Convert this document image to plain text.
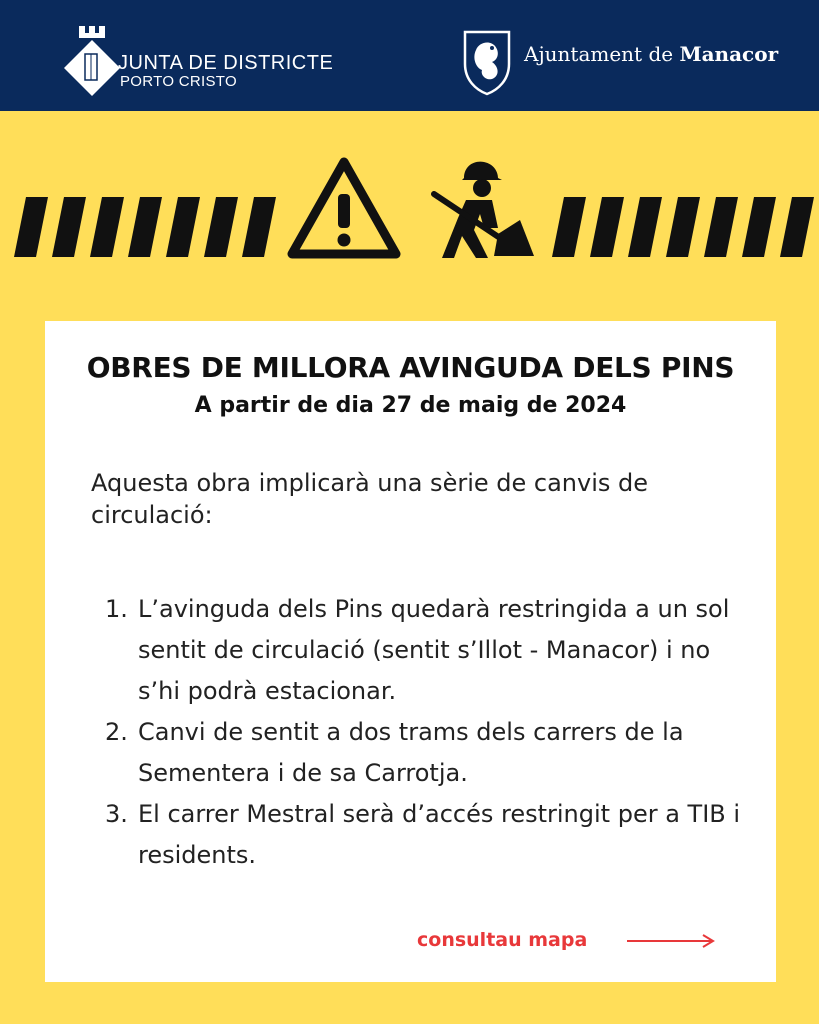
JUNTA DE DISTRICTE
PORTO CRISTO
Ajuntament de Manacor
OBRES DE MILLORA AVINGUDA DELS PINS
A partir de dia 27 de maig de 2024
Aquesta obra implicarà una sèrie de canvis de circulació:
1. L’avinguda dels Pins quedarà restringida a un sol sentit de circulació (sentit s’Illot - Manacor) i no s’hi podrà estacionar.
2. Canvi de sentit a dos trams dels carrers de la Sementera i de sa Carrotja.
3. El carrer Mestral serà d’accés restringit per a TIB i residents.
consultau mapa
